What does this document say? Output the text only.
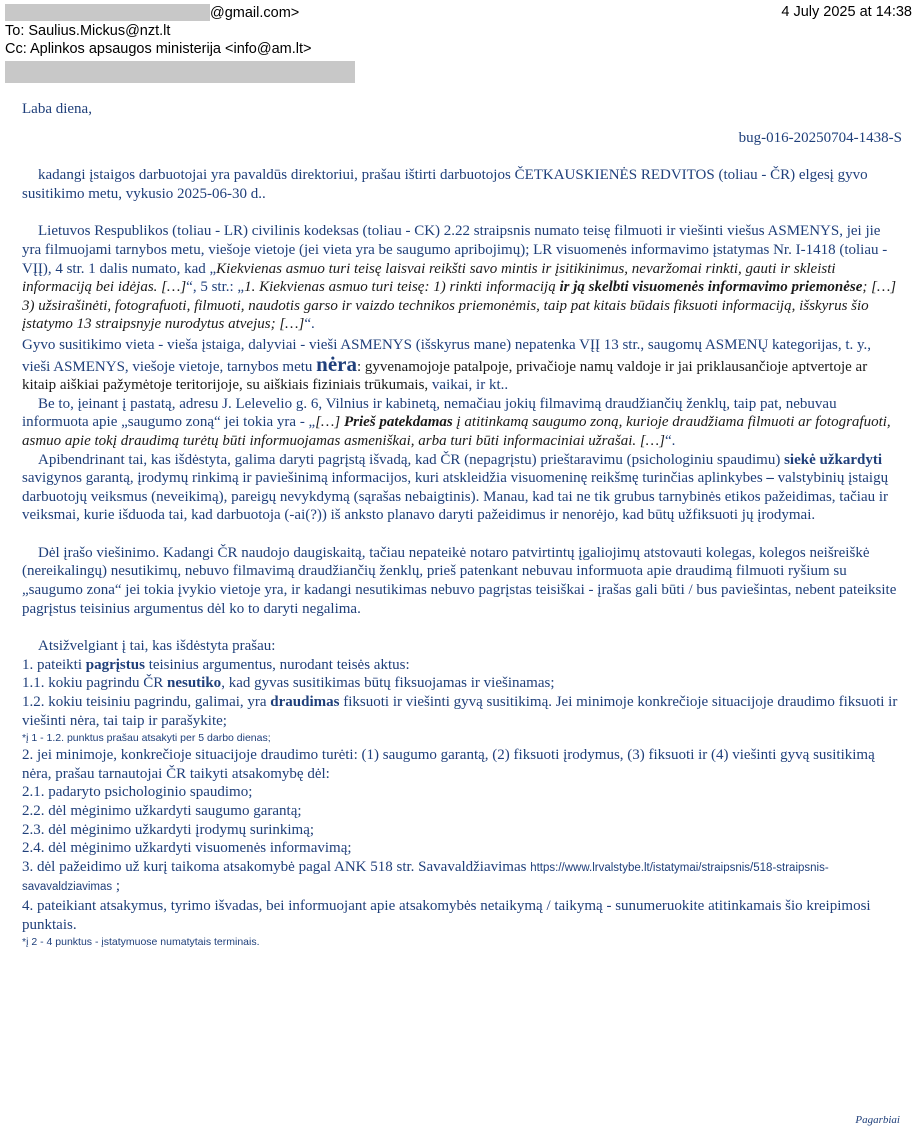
@gmail.com>	4 July 2025 at 14:38
To: Saulius.Mickus@nzt.lt
Cc: Aplinkos apsaugos ministerija <info@am.lt>

Laba diena,

bug-016-20250704-1438-S

kadangi įstaigos darbuotojai yra pavaldūs direktoriui, prašau ištirti darbuotojos ČETKAUSKIENĖS REDVITOS (toliau - ČR) elgesį gyvo susitikimo metu, vykusio 2025-06-30 d..

Lietuvos Respublikos (toliau - LR) civilinis kodeksas (toliau - CK) 2.22 straipsnis numato teisę filmuoti ir viešinti viešus ASMENYS, jei jie yra filmuojami tarnybos metu, viešoje vietoje (jei vieta yra be saugumo apribojimų); LR visuomenės informavimo įstatymas Nr. I-1418 (toliau - VĮĮ), 4 str. 1 dalis numato, kad „Kiekvienas asmuo turi teisę laisvai reikšti savo mintis ir įsitikinimus, nevaržomai rinkti, gauti ir skleisti informaciją bei idėjas. […]“, 5 str.: „1. Kiekvienas asmuo turi teisę: 1) rinkti informaciją ir ją skelbti visuomenės informavimo priemonėse; […] 3) užsirašinėti, fotografuoti, filmuoti, naudotis garso ir vaizdo technikos priemonėmis, taip pat kitais būdais fiksuoti informaciją, išskyrus šio įstatymo 13 straipsnyje nurodytus atvejus; […]“.

Gyvo susitikimo vieta - vieša įstaiga, dalyviai - vieši ASMENYS (išskyrus mane) nepatenka VĮĮ 13 str., saugomų ASMENŲ kategorijas, t. y., vieši ASMENYS, viešoje vietoje, tarnybos metu nėra: gyvenamojoje patalpoje, privačioje namų valdoje ir jai priklausančioje aptvertoje ar kitaip aiškiai pažymėtoje teritorijoje, su aiškiais fiziniais trūkumais, vaikai, ir kt..

Be to, įeinant į pastatą, adresu J. Lelevelio g. 6, Vilnius ir kabinetą, nemačiau jokių filmavimą draudžiančių ženklų, taip pat, nebuvau informuota apie „saugumo zoną“ jei tokia yra - „[…] Prieš patekdamas į atitinkamą saugumo zoną, kurioje draudžiama filmuoti ar fotografuoti, asmuo apie tokį draudimą turėtų būti informuojamas asmeniškai, arba turi būti informaciniai užrašai. […]“.

Apibendrinant tai, kas išdėstyta, galima daryti pagrįstą išvadą, kad ČR (nepagrįstu) prieštaravimu (psichologiniu spaudimu) siekė užkardyti savigynos garantą, įrodymų rinkimą ir paviešinimą informacijos, kuri atskleidžia visuomeninę reikšmę turinčias aplinkybes – valstybinių įstaigų darbuotojų veiksmus (neveikimą), pareigų nevykdymą (sąrašas nebaigtinis). Manau, kad tai ne tik grubus tarnybinės etikos pažeidimas, tačiau ir veiksmai, kurie išduoda tai, kad darbuotoja (-ai(?)) iš anksto planavo daryti pažeidimus ir nenorėjo, kad būtų užfiksuoti jų įrodymai.

Dėl įrašo viešinimo. Kadangi ČR naudojo daugiskaitą, tačiau nepateikė notaro patvirtintų įgaliojimų atstovauti kolegas, kolegos neišreiškė (nereikalingų) nesutikimų, nebuvo filmavimą draudžiančių ženklų, prieš patenkant nebuvau informuota apie draudimą filmuoti ryšium su „saugumo zona“ jei tokia įvykio vietoje yra, ir kadangi nesutikimas nebuvo pagrįstas teisiškai - įrašas gali būti / bus paviešintas, nebent pateiksite pagrįstus teisinius argumentus dėl ko to daryti negalima.

Atsižvelgiant į tai, kas išdėstyta prašau:

1. pateikti pagrįstus teisinius argumentus, nurodant teisės aktus:

1.1. kokiu pagrindu ČR nesutiko, kad gyvas susitikimas būtų fiksuojamas ir viešinamas;

1.2. kokiu teisiniu pagrindu, galimai, yra draudimas fiksuoti ir viešinti gyvą susitikimą. Jei minimoje konkrečioje situacijoje draudimo fiksuoti ir viešinti nėra, tai taip ir parašykite;

*į 1 - 1.2. punktus prašau atsakyti per 5 darbo dienas;

2. jei minimoje, konkrečioje situacijoje draudimo turėti: (1) saugumo garantą, (2) fiksuoti įrodymus, (3) fiksuoti ir (4) viešinti gyvą susitikimą nėra, prašau tarnautojai ČR taikyti atsakomybę dėl:

2.1. padaryto psichologinio spaudimo;

2.2. dėl mėginimo užkardyti saugumo garantą;

2.3. dėl mėginimo užkardyti įrodymų surinkimą;

2.4. dėl mėginimo užkardyti visuomenės informavimą;

3. dėl pažeidimo už kurį taikoma atsakomybė pagal ANK 518 str. Savavaldžiavimas https://www.lrvalstybe.lt/istatymai/straipsnis/518-straipsnis-savavaldziavimas ;

4. pateikiant atsakymus, tyrimo išvadas, bei informuojant apie atsakomybės netaikymą / taikymą - sunumeruokite atitinkamais šio kreipimosi punktais.

*į 2 - 4 punktus - įstatymuose numatytais terminais.

Pagarbiai
